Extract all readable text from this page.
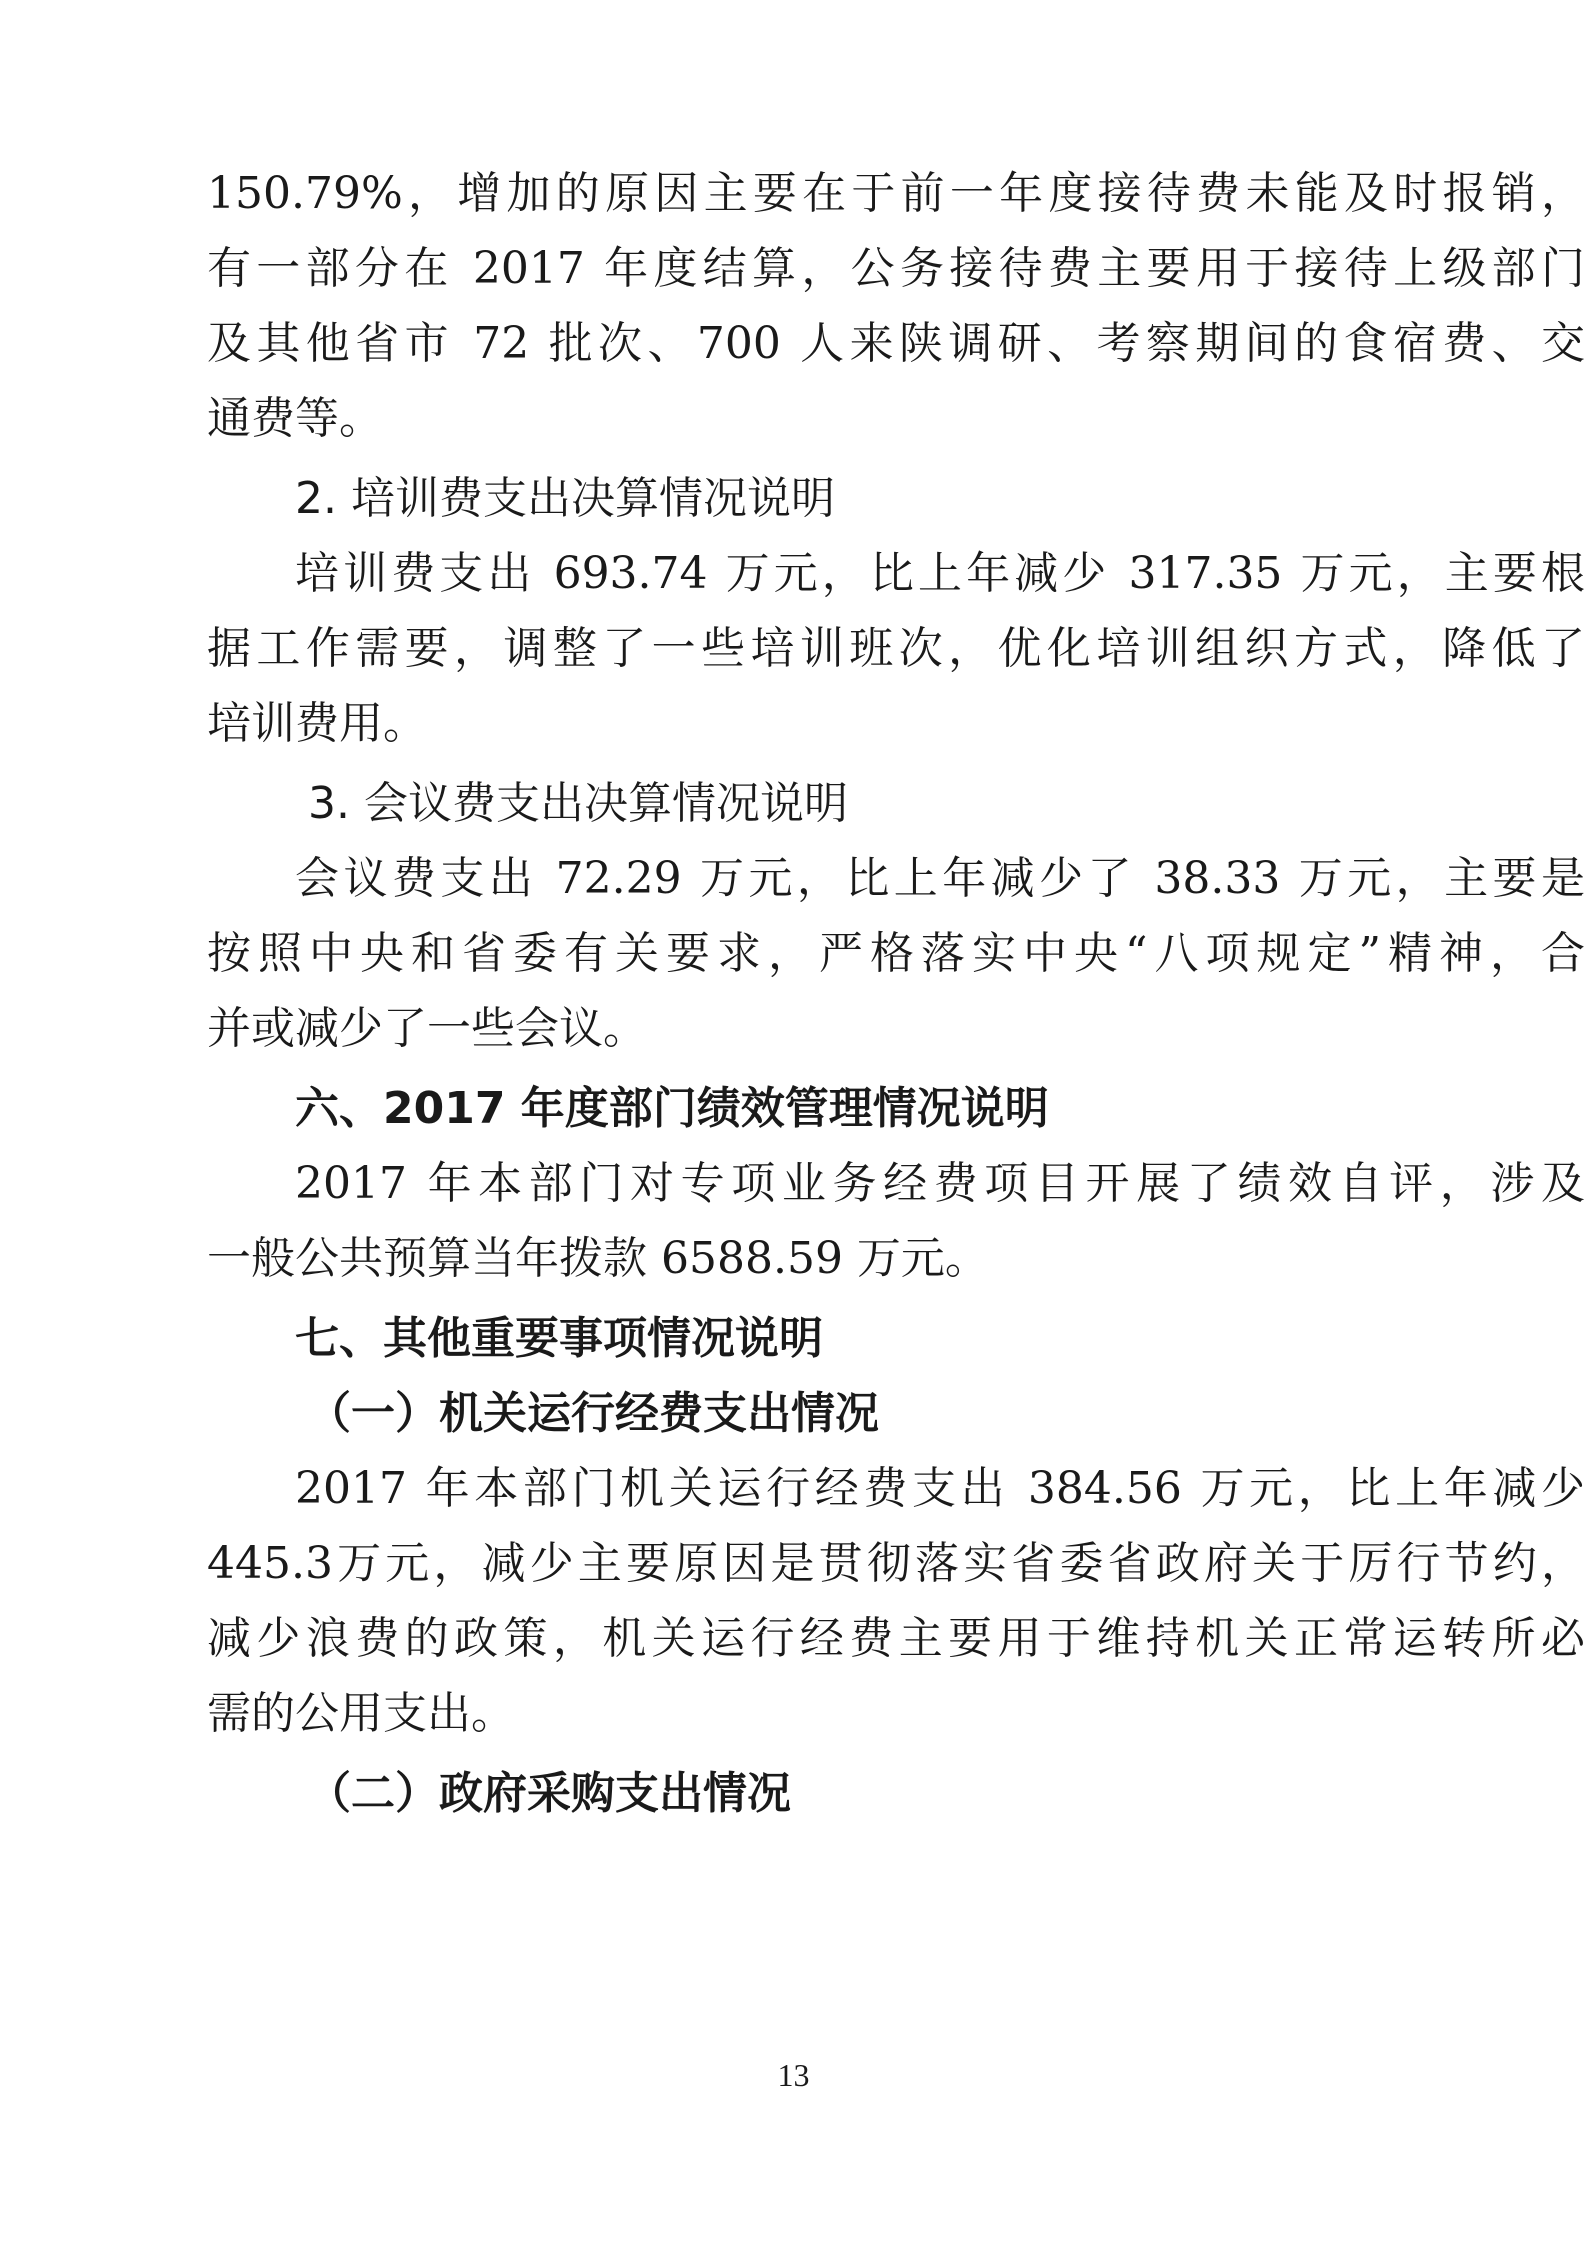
150.79%，增加的原因主要在于前一年度接待费未能及时报销，
有一部分在 2017 年度结算，公务接待费主要用于接待上级部门
及其他省市 72 批次、700 人来陕调研、考察期间的食宿费、交
通费等。
2. 培训费支出决算情况说明
培训费支出 693.74 万元，比上年减少 317.35 万元，主要根
据工作需要，调整了一些培训班次，优化培训组织方式，降低了
培训费用。
3. 会议费支出决算情况说明
会议费支出 72.29 万元，比上年减少了 38.33 万元，主要是
按照中央和省委有关要求，严格落实中央“八项规定”精神，合
并或减少了一些会议。
六、2017 年度部门绩效管理情况说明
2017 年本部门对专项业务经费项目开展了绩效自评，涉及
一般公共预算当年拨款 6588.59 万元。
七、其他重要事项情况说明
（一）机关运行经费支出情况
2017 年本部门机关运行经费支出 384.56 万元，比上年减少
445.3万元，减少主要原因是贯彻落实省委省政府关于厉行节约，
减少浪费的政策，机关运行经费主要用于维持机关正常运转所必
需的公用支出。
（二）政府采购支出情况
13
